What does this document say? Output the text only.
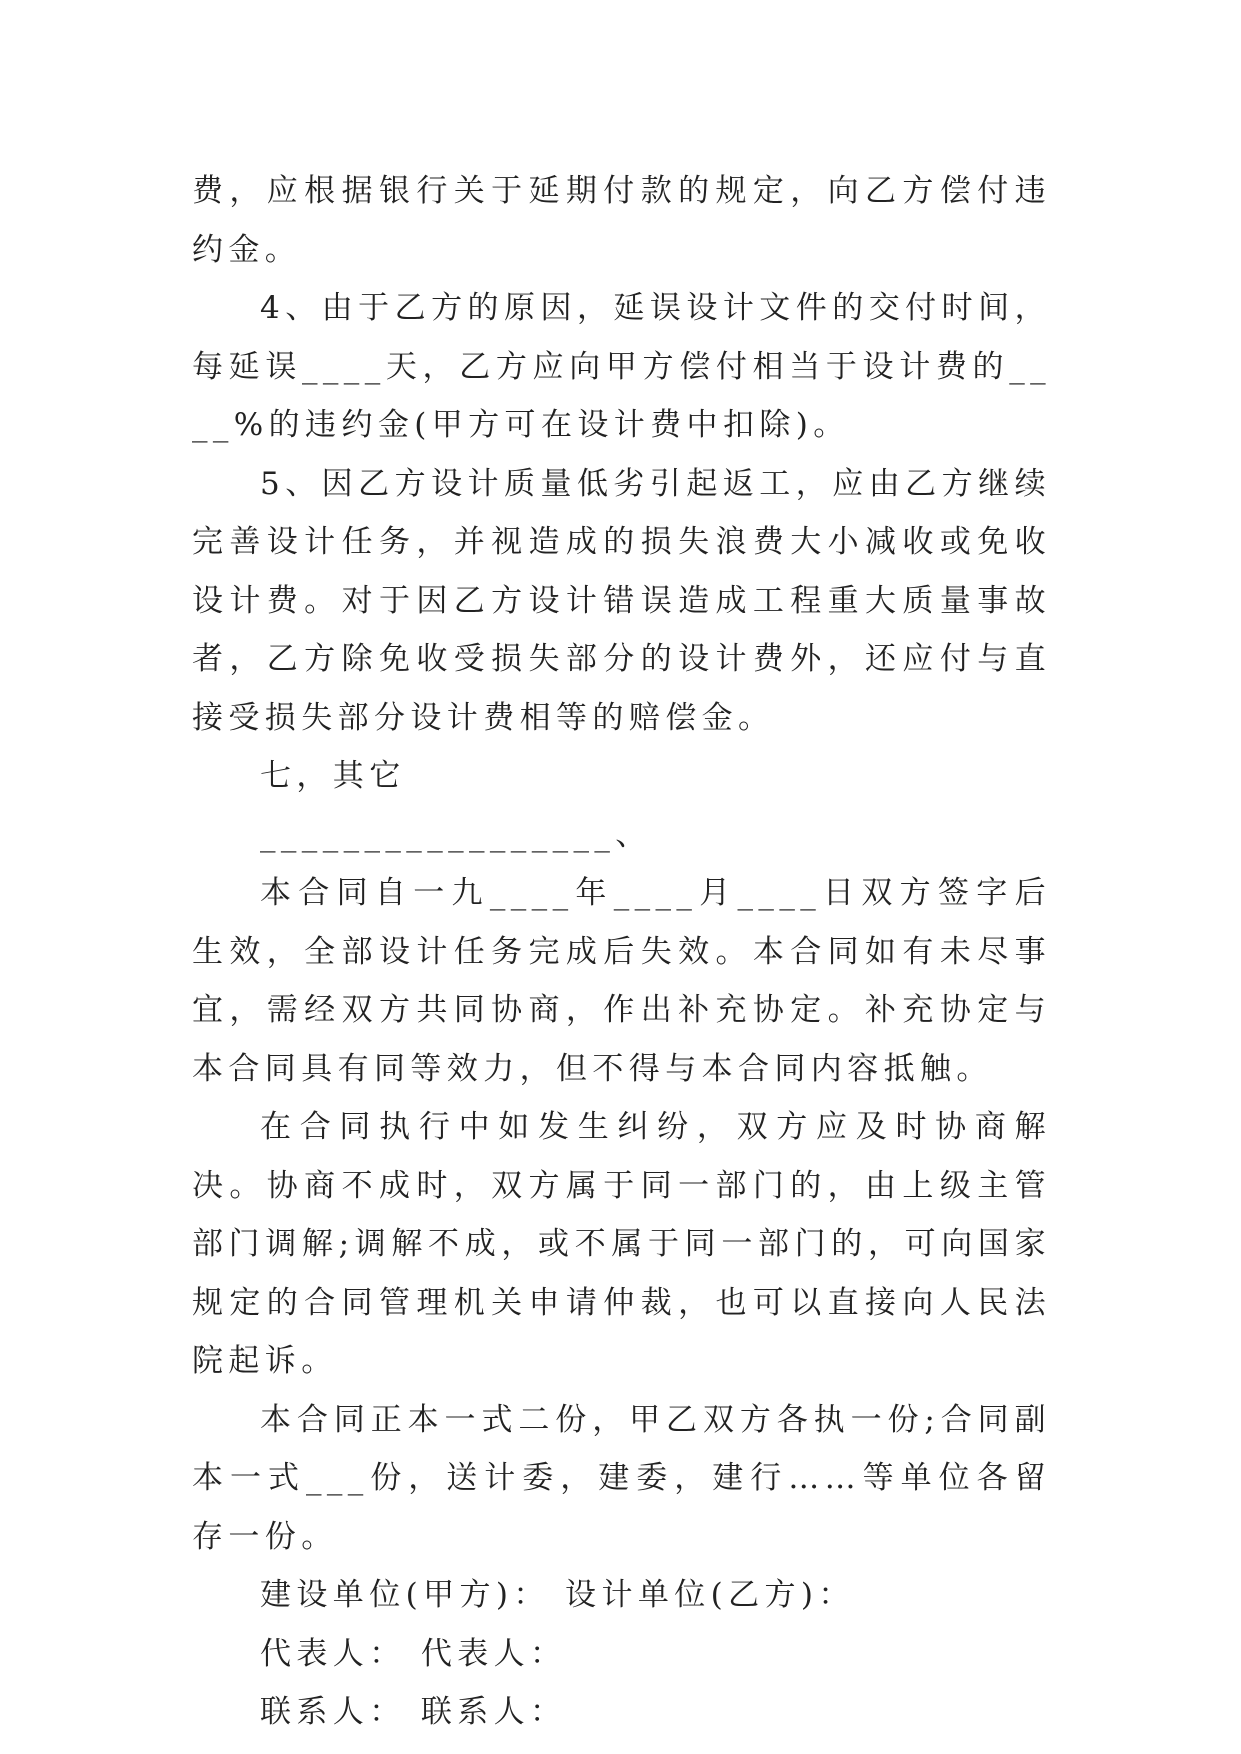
费，应根据银行关于延期付款的规定，向乙方偿付违约金。

4、由于乙方的原因，延误设计文件的交付时间，每延误____天，乙方应向甲方偿付相当于设计费的____%的违约金(甲方可在设计费中扣除)。

5、因乙方设计质量低劣引起返工，应由乙方继续完善设计任务，并视造成的损失浪费大小减收或免收设计费。对于因乙方设计错误造成工程重大质量事故者，乙方除免收受损失部分的设计费外，还应付与直接受损失部分设计费相等的赔偿金。

七，其它

_________________、

本合同自一九____年____月____日双方签字后生效，全部设计任务完成后失效。本合同如有未尽事宜，需经双方共同协商，作出补充协定。补充协定与本合同具有同等效力，但不得与本合同内容抵触。

在合同执行中如发生纠纷，双方应及时协商解决。协商不成时，双方属于同一部门的，由上级主管部门调解;调解不成，或不属于同一部门的，可向国家规定的合同管理机关申请仲裁，也可以直接向人民法院起诉。

本合同正本一式二份，甲乙双方各执一份;合同副本一式___份，送计委，建委，建行……等单位各留存一份。

建设单位(甲方)： 设计单位(乙方)：

代表人： 代表人：

联系人： 联系人：
